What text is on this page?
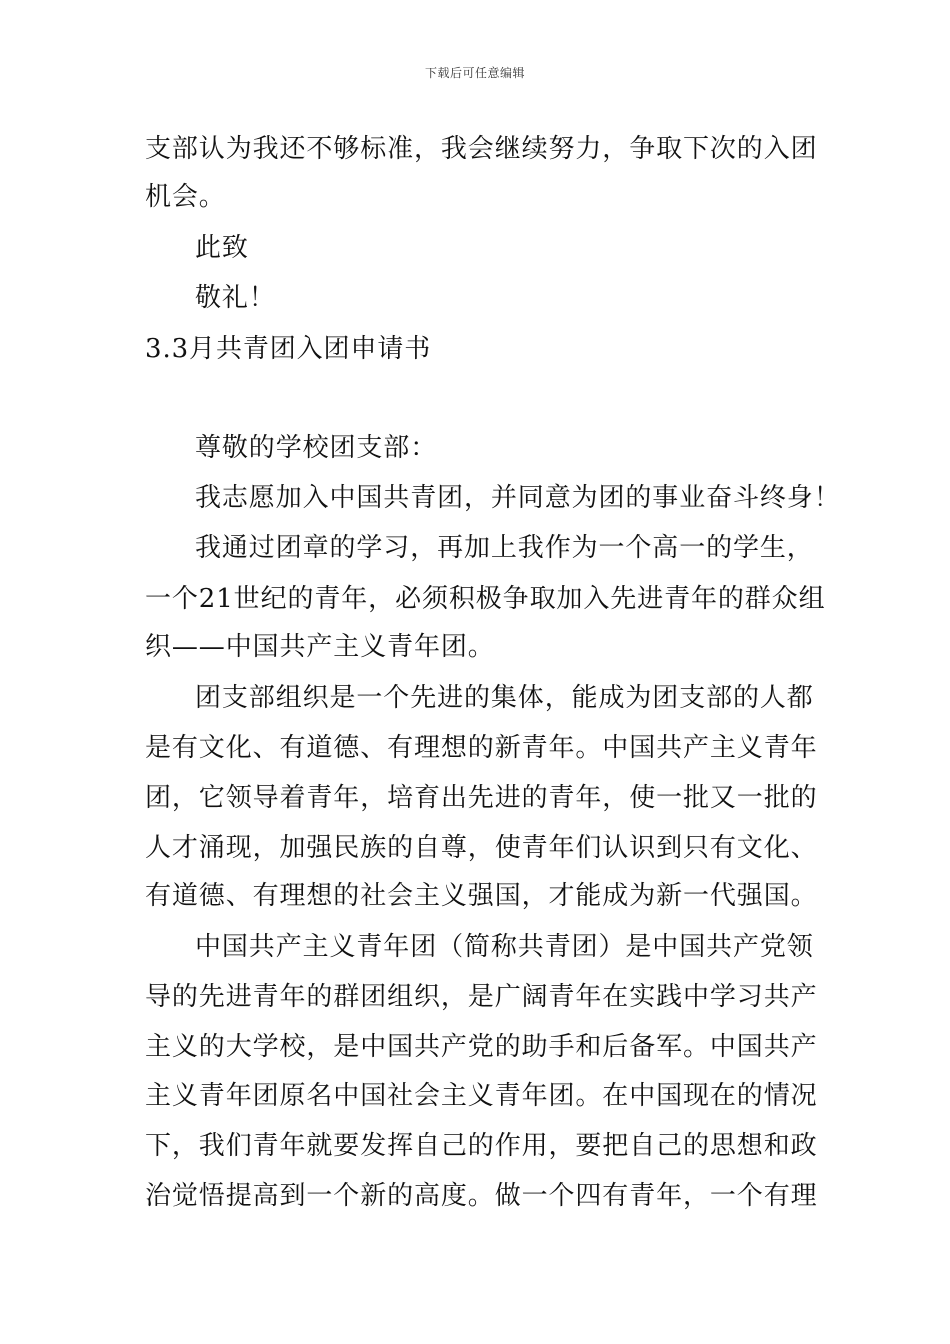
下载后可任意编辑
支部认为我还不够标准，我会继续努力，争取下次的入团
机会。
此致
敬礼！
3.3月共青团入团申请书
尊敬的学校团支部：
我志愿加入中国共青团，并同意为团的事业奋斗终身！
我通过团章的学习，再加上我作为一个高一的学生，
一个21世纪的青年，必须积极争取加入先进青年的群众组
织——中国共产主义青年团。
团支部组织是一个先进的集体，能成为团支部的人都
是有文化、有道德、有理想的新青年。中国共产主义青年
团，它领导着青年，培育出先进的青年，使一批又一批的
人才涌现，加强民族的自尊，使青年们认识到只有文化、
有道德、有理想的社会主义强国，才能成为新一代强国。
中国共产主义青年团（简称共青团）是中国共产党领
导的先进青年的群团组织，是广阔青年在实践中学习共产
主义的大学校，是中国共产党的助手和后备军。中国共产
主义青年团原名中国社会主义青年团。在中国现在的情况
下，我们青年就要发挥自己的作用，要把自己的思想和政
治觉悟提高到一个新的高度。做一个四有青年，一个有理
